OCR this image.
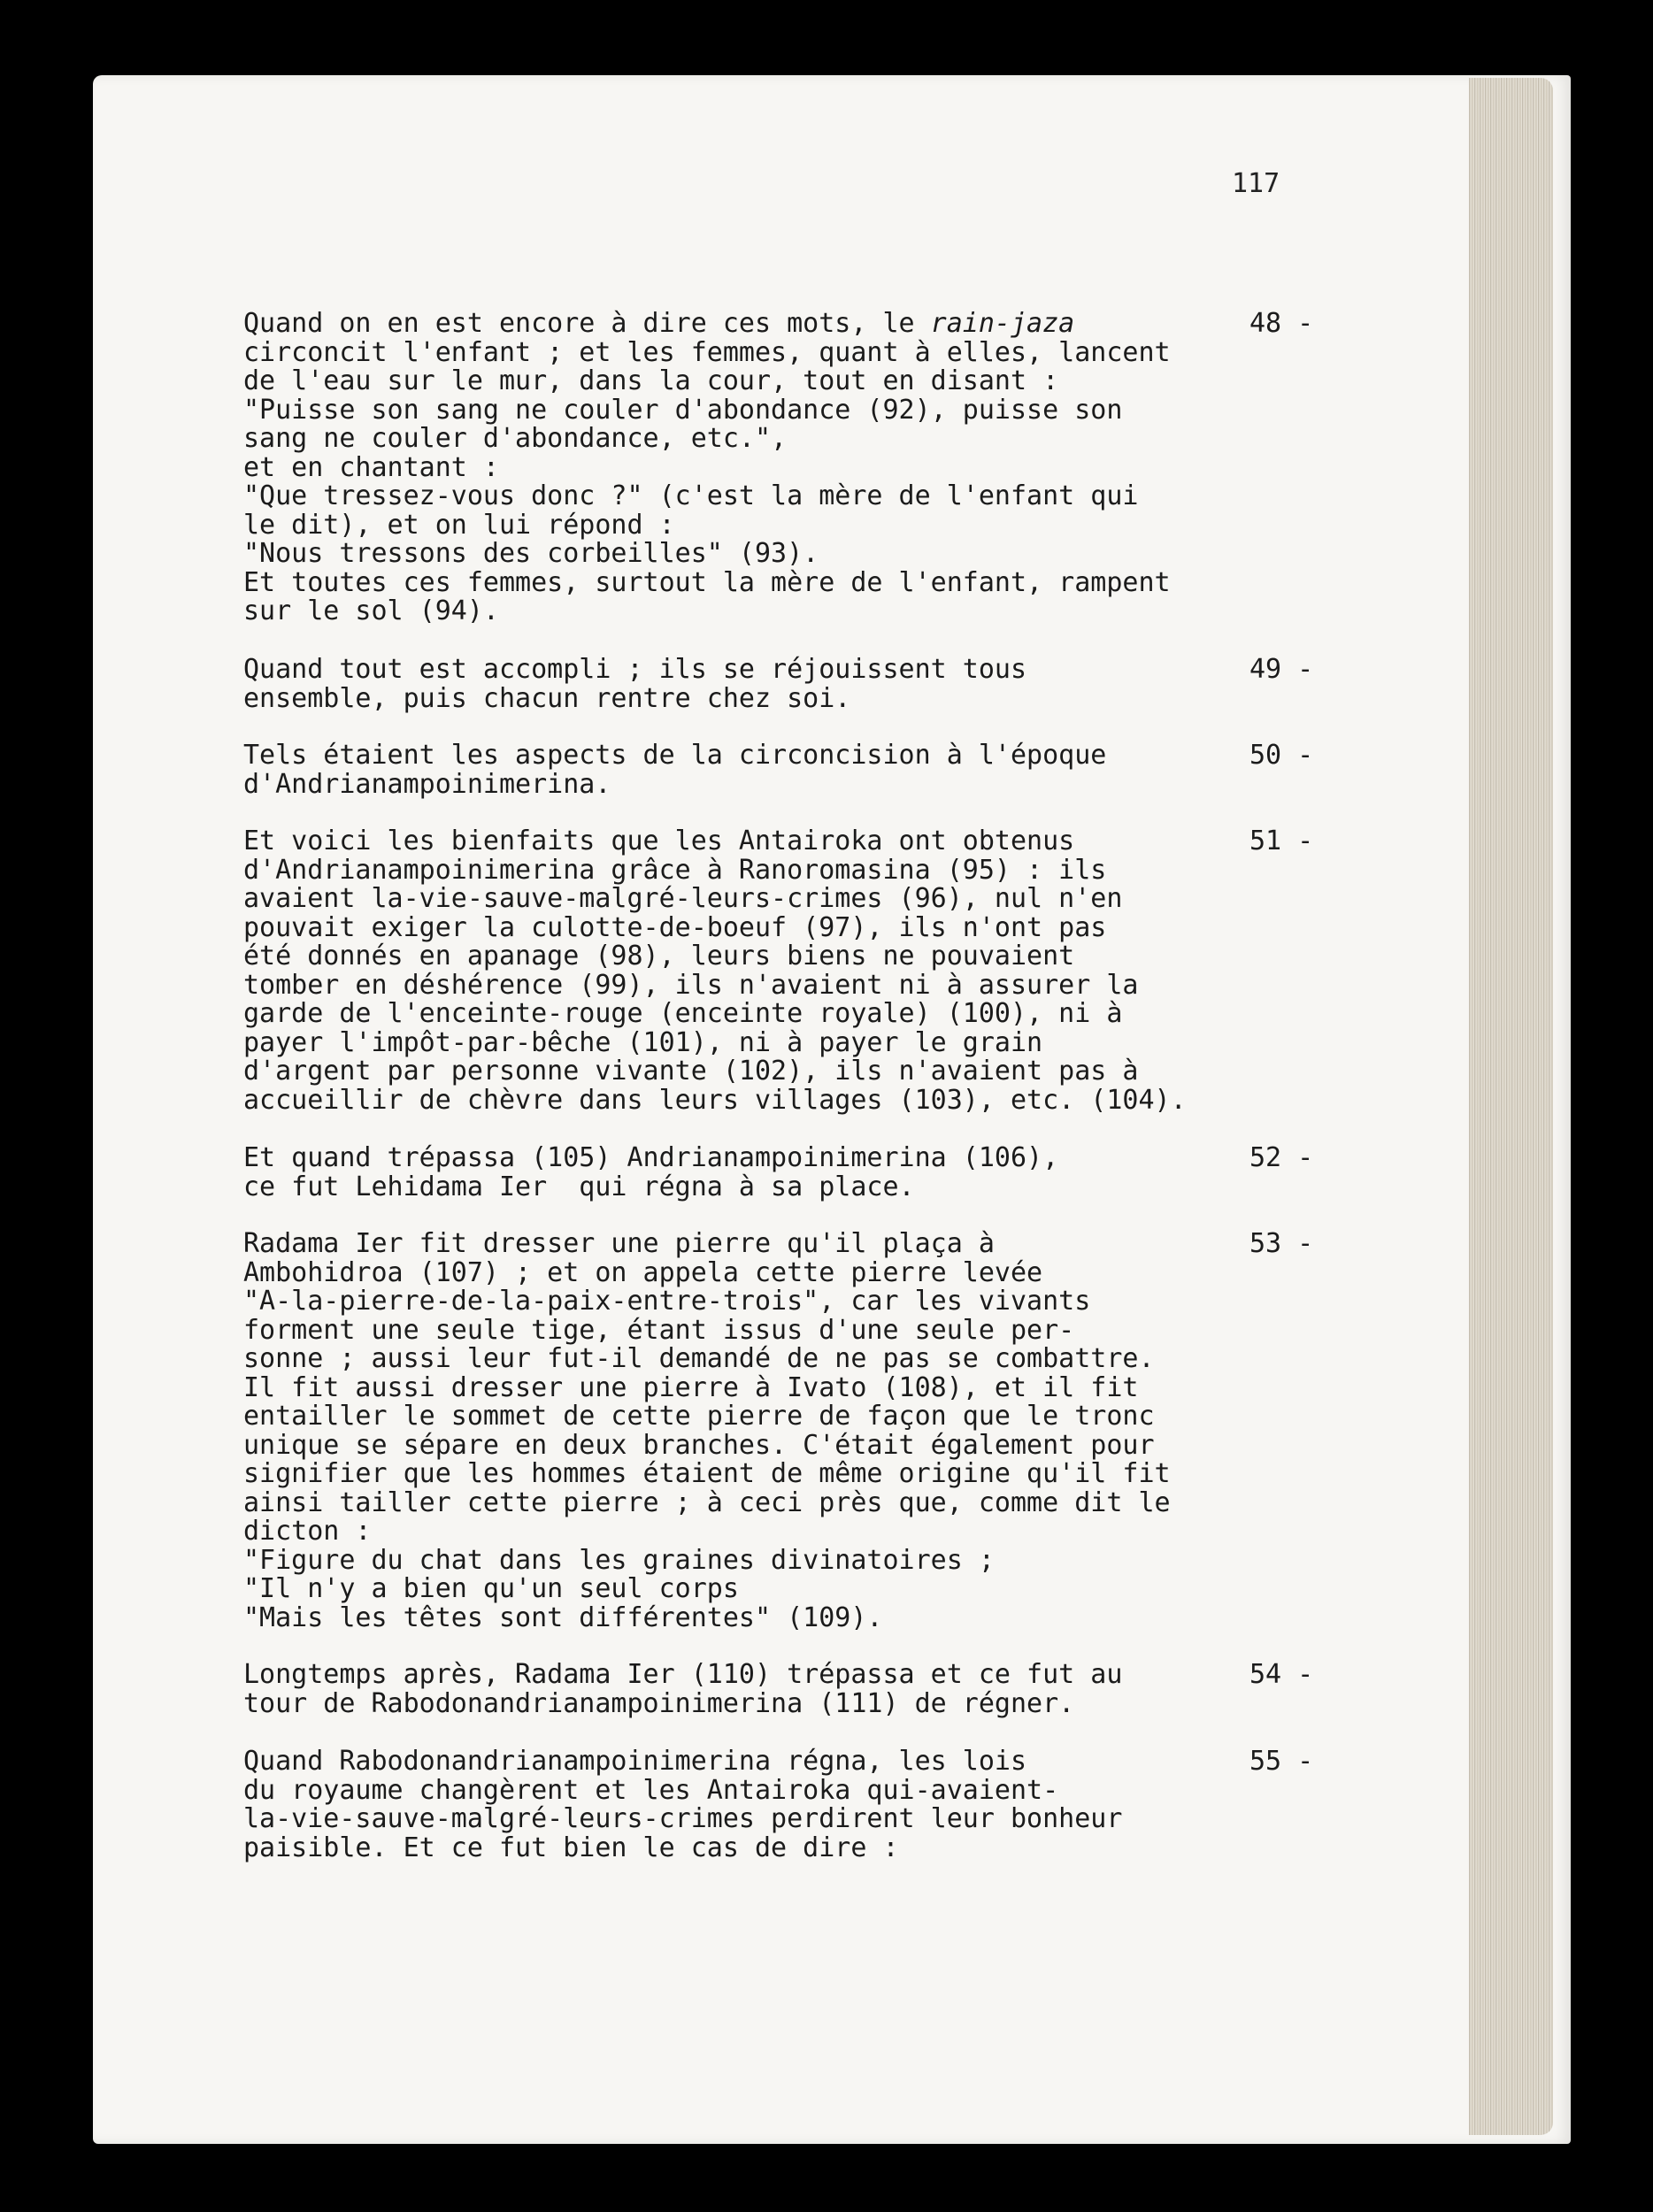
117
48 -
Quand on en est encore à dire ces mots, le rain-jaza
circoncit l'enfant ; et les femmes, quant à elles, lancent
de l'eau sur le mur, dans la cour, tout en disant :
"Puisse son sang ne couler d'abondance (92), puisse son
sang ne couler d'abondance, etc.",
et en chantant :
"Que tressez-vous donc ?" (c'est la mère de l'enfant qui
le dit), et on lui répond :
"Nous tressons des corbeilles" (93).
Et toutes ces femmes, surtout la mère de l'enfant, rampent
sur le sol (94).
49 -
Quand tout est accompli ; ils se réjouissent tous
ensemble, puis chacun rentre chez soi.
50 -
Tels étaient les aspects de la circoncision à l'époque
d'Andrianampoinimerina.
51 -
Et voici les bienfaits que les Antairoka ont obtenus
d'Andrianampoinimerina grâce à Ranoromasina (95) : ils
avaient la-vie-sauve-malgré-leurs-crimes (96), nul n'en
pouvait exiger la culotte-de-boeuf (97), ils n'ont pas
été donnés en apanage (98), leurs biens ne pouvaient
tomber en déshérence (99), ils n'avaient ni à assurer la
garde de l'enceinte-rouge (enceinte royale) (100), ni à
payer l'impôt-par-bêche (101), ni à payer le grain
d'argent par personne vivante (102), ils n'avaient pas à
accueillir de chèvre dans leurs villages (103), etc. (104).
52 -
Et quand trépassa (105) Andrianampoinimerina (106),
ce fut Lehidama Ier  qui régna à sa place.
53 -
Radama Ier fit dresser une pierre qu'il plaça à
Ambohidroa (107) ; et on appela cette pierre levée
"A-la-pierre-de-la-paix-entre-trois", car les vivants
forment une seule tige, étant issus d'une seule per-
sonne ; aussi leur fut-il demandé de ne pas se combattre.
Il fit aussi dresser une pierre à Ivato (108), et il fit
entailler le sommet de cette pierre de façon que le tronc
unique se sépare en deux branches. C'était également pour
signifier que les hommes étaient de même origine qu'il fit
ainsi tailler cette pierre ; à ceci près que, comme dit le
dicton :
"Figure du chat dans les graines divinatoires ;
"Il n'y a bien qu'un seul corps
"Mais les têtes sont différentes" (109).
54 -
Longtemps après, Radama Ier (110) trépassa et ce fut au
tour de Rabodonandrianampoinimerina (111) de régner.
55 -
Quand Rabodonandrianampoinimerina régna, les lois
du royaume changèrent et les Antairoka qui-avaient-
la-vie-sauve-malgré-leurs-crimes perdirent leur bonheur
paisible. Et ce fut bien le cas de dire :
